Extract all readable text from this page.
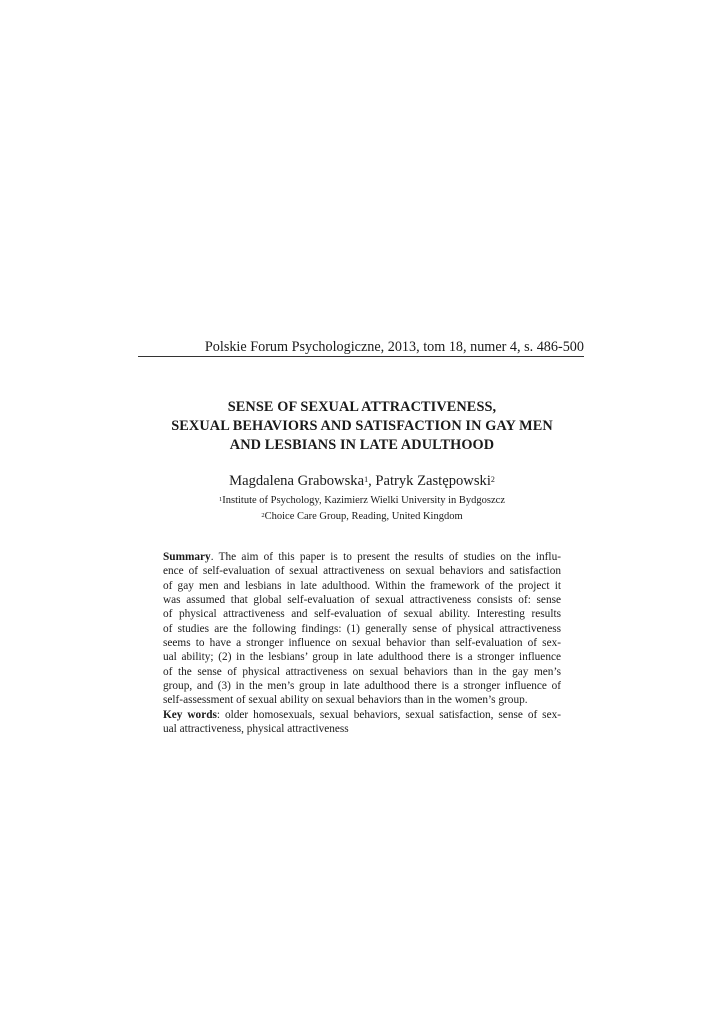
Polskie Forum Psychologiczne, 2013, tom 18, numer 4, s. 486-500
SENSE OF SEXUAL ATTRACTIVENESS,
SEXUAL BEHAVIORS AND SATISFACTION IN GAY MEN
AND LESBIANS IN LATE ADULTHOOD
Magdalena Grabowska$^1$, Patryk Zastępowski$^2$
$^1$Institute of Psychology, Kazimierz Wielki University in Bydgoszcz
$^2$Choice Care Group, Reading, United Kingdom
Summary. The aim of this paper is to present the results of studies on the influ-
ence of self-evaluation of sexual attractiveness on sexual behaviors and satisfaction
of gay men and lesbians in late adulthood. Within the framework of the project it
was assumed that global self-evaluation of sexual attractiveness consists of: sense
of physical attractiveness and self-evaluation of sexual ability. Interesting results
of studies are the following findings: (1) generally sense of physical attractiveness
seems to have a stronger influence on sexual behavior than self-evaluation of sex-
ual ability; (2) in the lesbians’ group in late adulthood there is a stronger influence
of the sense of physical attractiveness on sexual behaviors than in the gay men’s
group, and (3) in the men’s group in late adulthood there is a stronger influence of
self-assessment of sexual ability on sexual behaviors than in the women’s group.
Key words: older homosexuals, sexual behaviors, sexual satisfaction, sense of sex-
ual attractiveness, physical attractiveness
